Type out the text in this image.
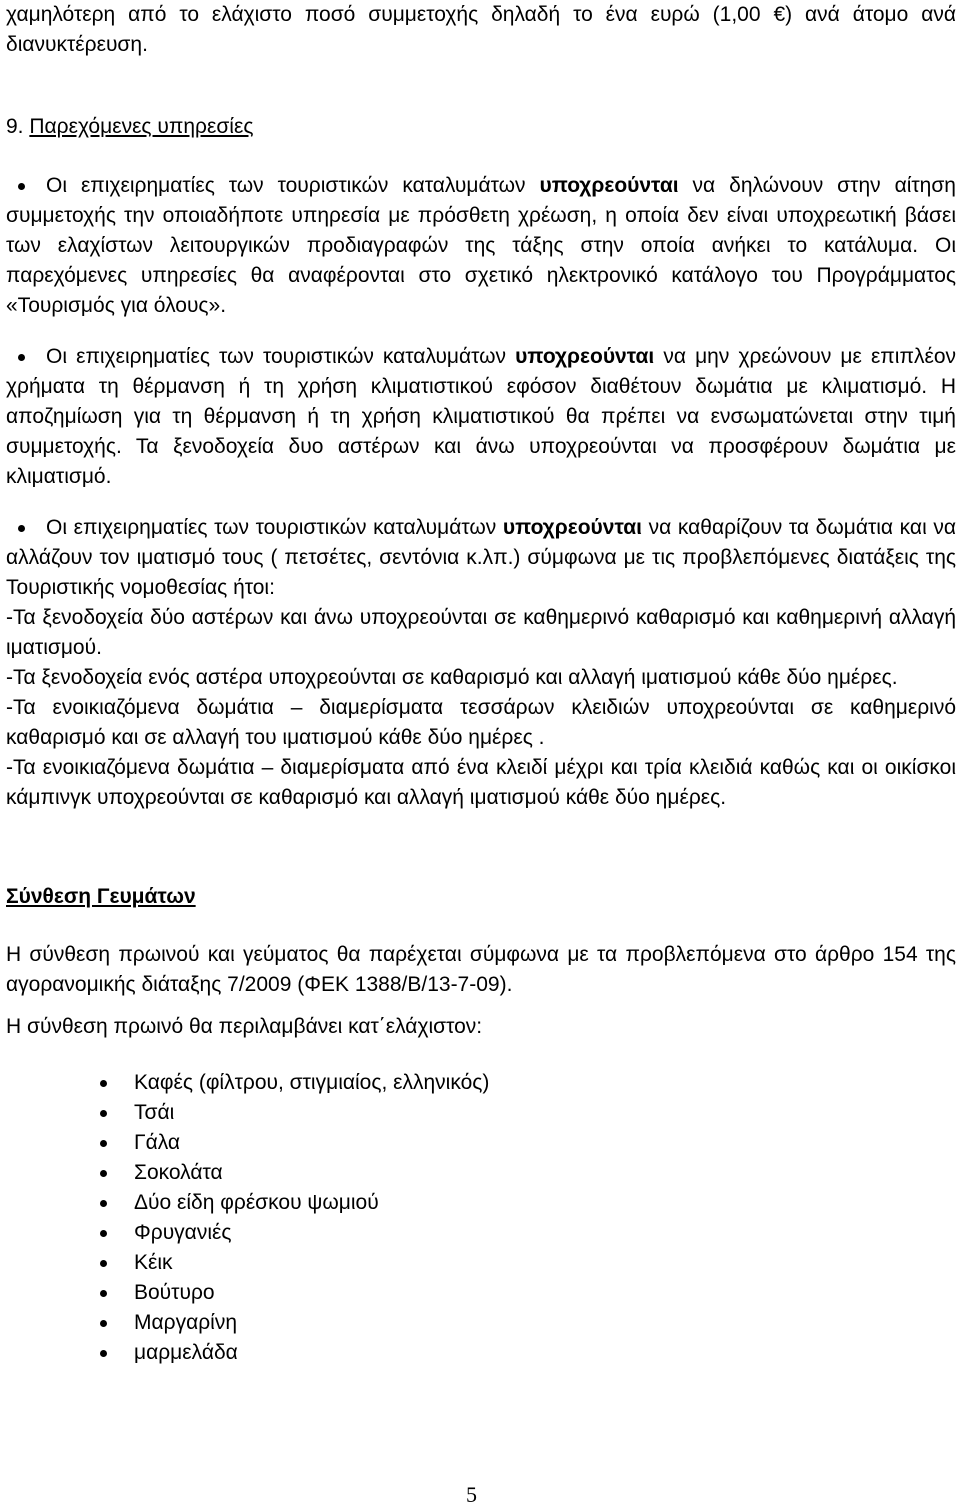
χαμηλότερη από το ελάχιστο ποσό συμμετοχής δηλαδή το ένα ευρώ (1,00 €) ανά άτομο ανά διανυκτέρευση.

9. Παρεχόμενες υπηρεσίες

Οι επιχειρηματίες των τουριστικών καταλυμάτων υποχρεούνται να δηλώνουν στην αίτηση συμμετοχής την οποιαδήποτε υπηρεσία με πρόσθετη χρέωση, η οποία δεν είναι υποχρεωτική βάσει των ελαχίστων λειτουργικών προδιαγραφών της τάξης στην οποία ανήκει το κατάλυμα. Οι παρεχόμενες υπηρεσίες θα αναφέρονται στο σχετικό ηλεκτρονικό κατάλογο του Προγράμματος «Τουρισμός για όλους».

Οι επιχειρηματίες των τουριστικών καταλυμάτων υποχρεούνται να μην χρεώνουν με επιπλέον χρήματα τη θέρμανση ή τη χρήση κλιματιστικού εφόσον διαθέτουν δωμάτια με κλιματισμό. Η αποζημίωση για τη θέρμανση ή τη χρήση κλιματιστικού θα πρέπει να ενσωματώνεται στην τιμή συμμετοχής. Τα ξενοδοχεία δυο αστέρων και άνω υποχρεούνται να προσφέρουν δωμάτια με κλιματισμό.

Οι επιχειρηματίες των τουριστικών καταλυμάτων υποχρεούνται να καθαρίζουν τα δωμάτια και να αλλάζουν τον ιματισμό τους ( πετσέτες, σεντόνια κ.λπ.) σύμφωνα με τις προβλεπόμενες διατάξεις της Τουριστικής νομοθεσίας ήτοι:

-Τα ξενοδοχεία δύο αστέρων και άνω υποχρεούνται σε καθημερινό καθαρισμό και καθημερινή αλλαγή ιματισμού.

-Τα ξενοδοχεία ενός αστέρα υποχρεούνται σε καθαρισμό και αλλαγή ιματισμού κάθε δύο ημέρες.

-Τα ενοικιαζόμενα δωμάτια – διαμερίσματα τεσσάρων κλειδιών υποχρεούνται σε καθημερινό καθαρισμό και σε αλλαγή του ιματισμού κάθε δύο ημέρες .

-Τα ενοικιαζόμενα δωμάτια – διαμερίσματα από ένα κλειδί μέχρι και τρία κλειδιά καθώς και οι οικίσκοι κάμπινγκ υποχρεούνται σε καθαρισμό και αλλαγή ιματισμού κάθε δύο ημέρες.

Σύνθεση Γευμάτων

Η σύνθεση πρωινού και γεύματος θα παρέχεται σύμφωνα με τα προβλεπόμενα στο άρθρο 154 της αγορανομικής διάταξης 7/2009 (ΦΕΚ 1388/Β/13-7-09).

Η σύνθεση πρωινό θα περιλαμβάνει κατ΄ελάχιστον:

Καφές (φίλτρου, στιγμιαίος, ελληνικός)
Τσάι
Γάλα
Σοκολάτα
Δύο είδη φρέσκου ψωμιού
Φρυγανιές
Κέικ
Βούτυρο
Μαργαρίνη
μαρμελάδα
5
